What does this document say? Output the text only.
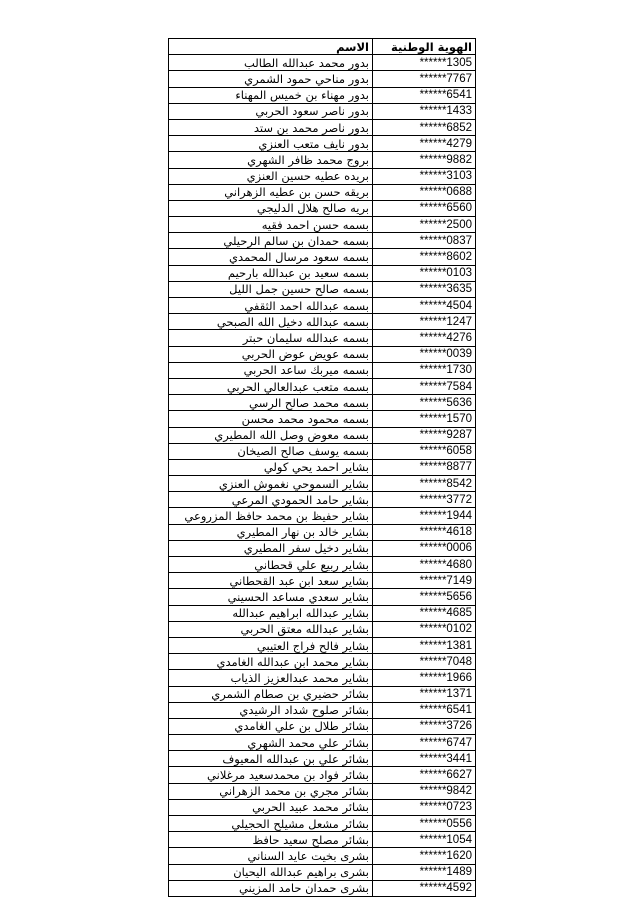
الهوية الوطنية	الاسم
******1305	بدور محمد عبدالله الطالب
******7767	بدور مناحي حمود الشمري
******6541	بدور مهناء بن خميس المهناء
******1433	بدور ناصر سعود الحربي
******6852	بدور ناصر محمد بن ستد
******4279	بدور نايف متعب العنزي
******9882	بروج محمد ظافر الشهري
******3103	بريده عطيه حسين العنزي
******0688	بريقه حسن بن عطيه الزهراني
******6560	بريه صالح هلال الدليجي
******2500	بسمه حسن احمد فقيه
******0837	بسمه حمدان بن سالم الرحيلي
******8602	بسمه سعود مرسال المحمدي
******0103	بسمه سعيد بن عبدالله بارحيم
******3635	بسمه صالح حسين جمل الليل
******4504	بسمه عبدالله احمد الثقفي
******1247	بسمه عبدالله دخيل الله الصبحي
******4276	بسمه عبدالله سليمان حبتر
******0039	بسمه عويض عوض الحربي
******1730	بسمه ميربك ساعد الحربي
******7584	بسمه متعب عبدالعالي الحربي
******5636	بسمه محمد صالح الرسي
******1570	بسمه محمود محمد محسن
******9287	بسمه معوض وصل الله المطيري
******6058	بسمه يوسف صالح الصيخان
******8877	بشاير احمد يحي كولي
******8542	بشاير السموحي نغموش العنزي
******3772	بشاير حامد الحمودي المرعي
******1944	بشاير حفيظ بن محمد حافظ المزروعي
******4618	بشاير خالد بن نهار المطيري
******0006	بشاير دخيل سفر المطيري
******4680	بشاير ربيع علي قحطاني
******7149	بشاير سعد ابن عبد القحطاني
******5656	بشاير سعدي مساعد الحسيني
******4685	بشاير عبدالله ابراهيم عبدالله
******0102	بشاير عبدالله معتق الحربي
******1381	بشاير فالح فراج العتيبي
******7048	بشاير محمد ابن عبدالله الغامدي
******1966	بشاير محمد عبدالعزيز الذياب
******1371	بشائر حضيري بن صطام الشمري
******6541	بشائر صلوح شداد الرشيدي
******3726	بشائر طلال بن علي الغامدي
******6747	بشائر علي محمد الشهري
******3441	بشائر علي بن عبدالله المعيوف
******6627	بشائر فواد بن محمدسعيد مرغلاني
******9842	بشائر مجري بن محمد الزهراني
******0723	بشائر محمد عبيد الحربي
******0556	بشائر مشعل مشيلح الحجيلي
******1054	بشائر مصلح سعيد حافظ
******1620	بشرى بخيت عايد السناني
******1489	بشرى براهيم عبدالله اليحيان
******4592	بشرى حمدان حامد المزيني
